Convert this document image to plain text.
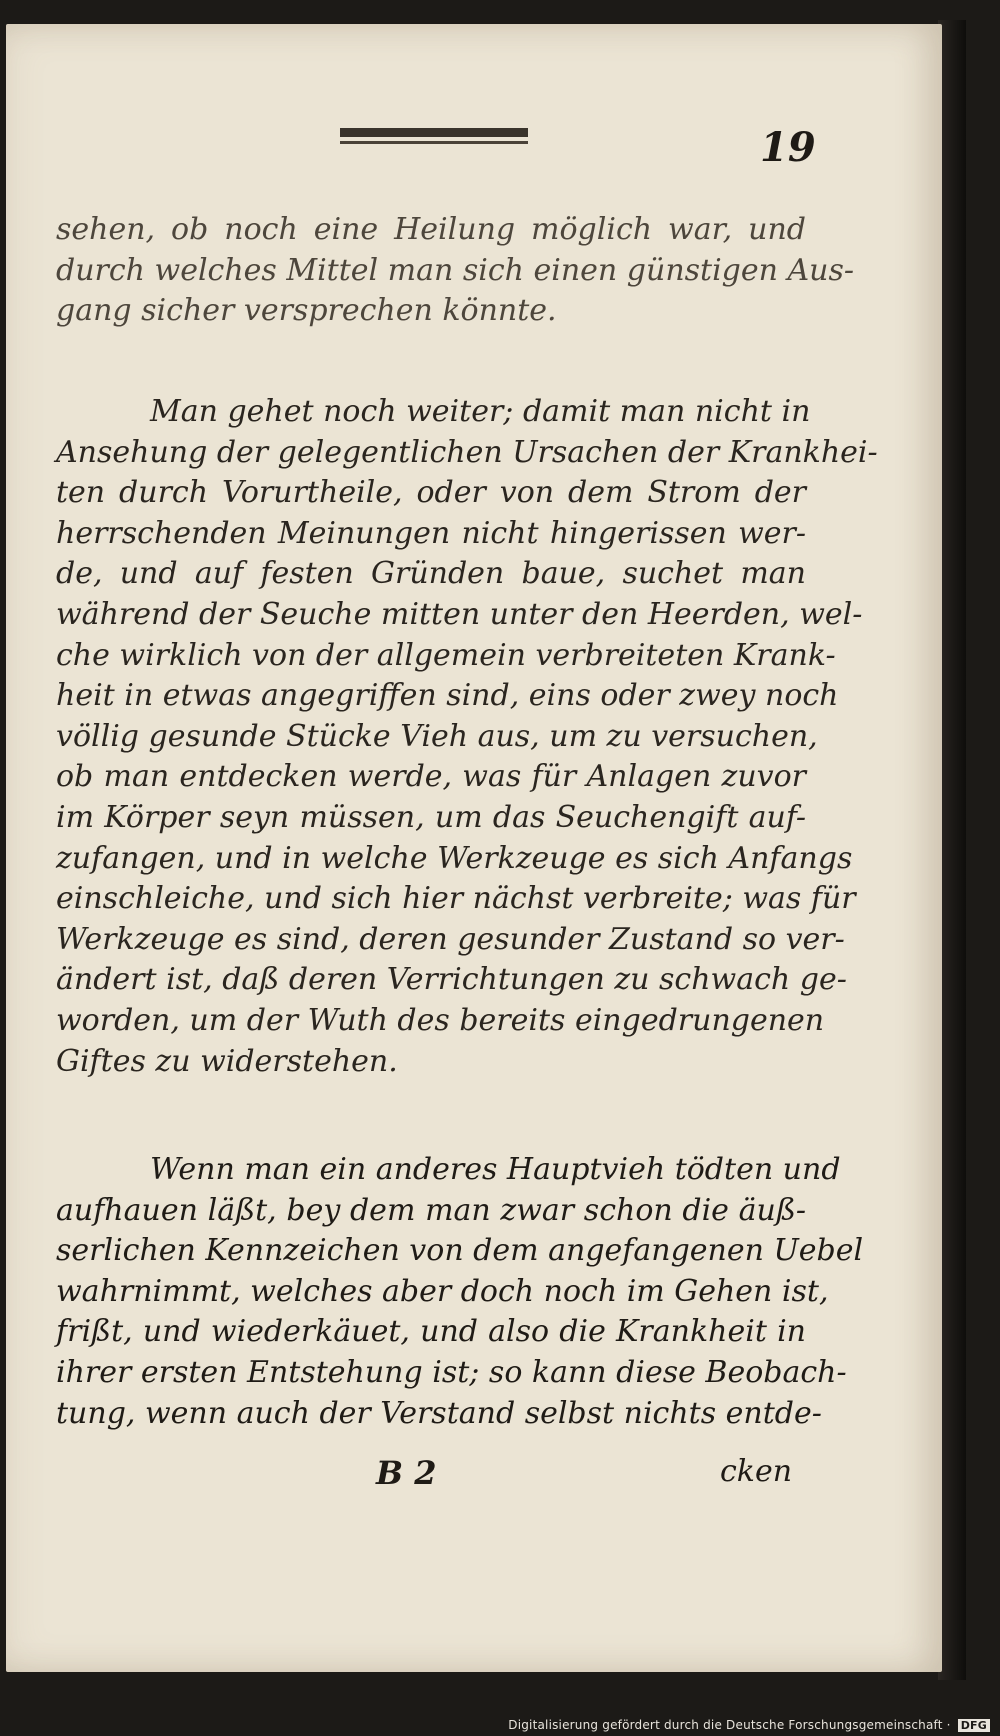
19
sehen, ob noch eine Heilung möglich war, und
durch welches Mittel man sich einen günstigen Aus-
gang sicher versprechen könnte.
Man gehet noch weiter; damit man nicht in
Ansehung der gelegentlichen Ursachen der Krankhei-
ten durch Vorurtheile, oder von dem Strom der
herrschenden Meinungen nicht hingerissen wer-
de, und auf festen Gründen baue, suchet man
während der Seuche mitten unter den Heerden, wel-
che wirklich von der allgemein verbreiteten Krank-
heit in etwas angegriffen sind, eins oder zwey noch
völlig gesunde Stücke Vieh aus, um zu versuchen,
ob man entdecken werde, was für Anlagen zuvor
im Körper seyn müssen, um das Seuchengift auf-
zufangen, und in welche Werkzeuge es sich Anfangs
einschleiche, und sich hier nächst verbreite; was für
Werkzeuge es sind, deren gesunder Zustand so ver-
ändert ist, daß deren Verrichtungen zu schwach ge-
worden, um der Wuth des bereits eingedrungenen
Giftes zu widerstehen.
Wenn man ein anderes Hauptvieh tödten und
aufhauen läßt, bey dem man zwar schon die äuß-
serlichen Kennzeichen von dem angefangenen Uebel
wahrnimmt, welches aber doch noch im Gehen ist,
frißt, und wiederkäuet, und also die Krankheit in
ihrer ersten Entstehung ist; so kann diese Beobach-
tung, wenn auch der Verstand selbst nichts entde-
B 2	cken
Digitalisierung gefördert durch die Deutsche Forschungsgemeinschaft · DFG
